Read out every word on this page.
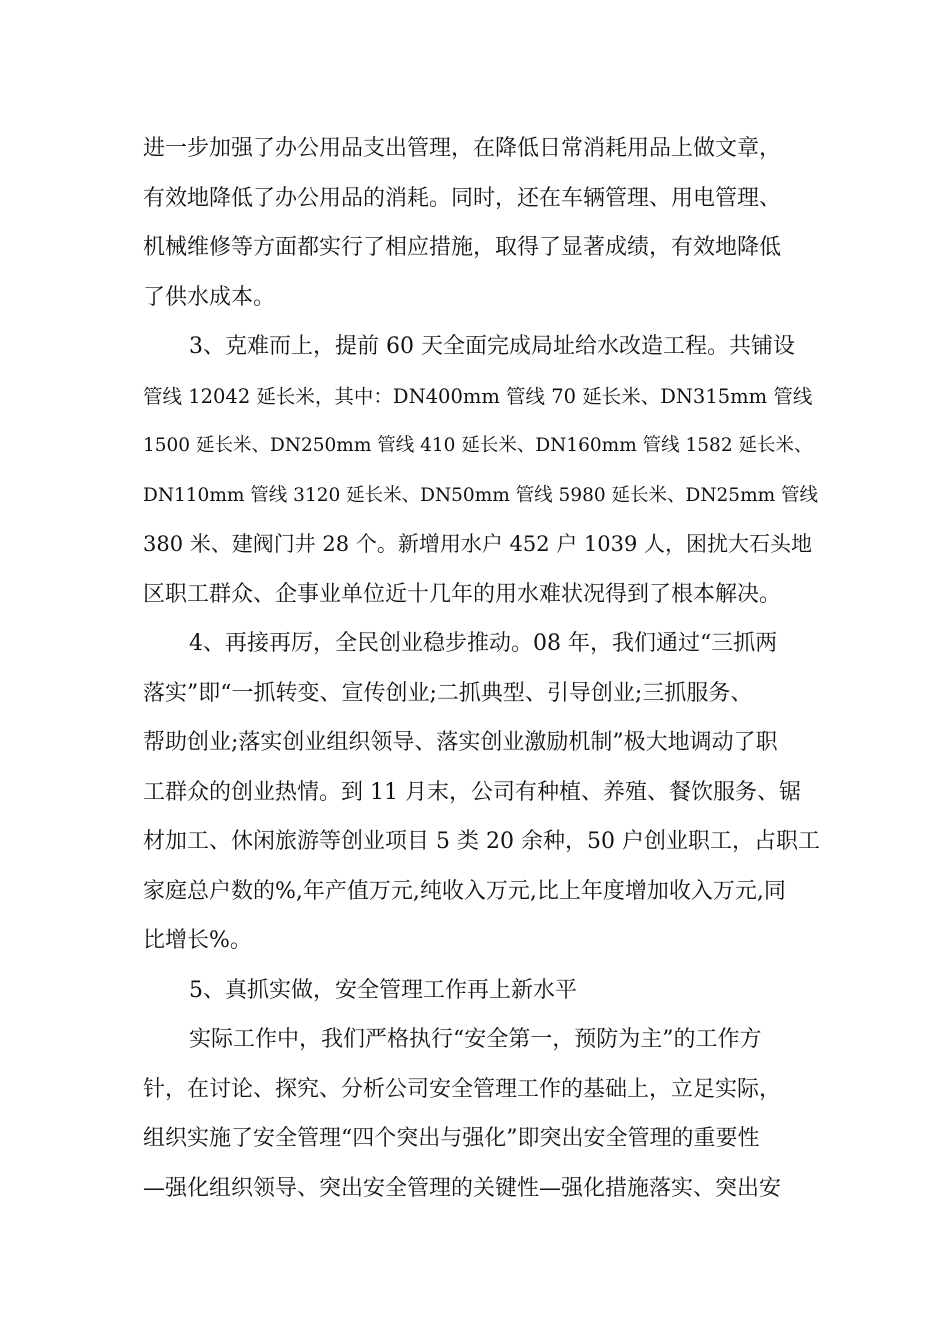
进一步加强了办公用品支出管理，在降低日常消耗用品上做文章，
有效地降低了办公用品的消耗。同时，还在车辆管理、用电管理、
机械维修等方面都实行了相应措施，取得了显著成绩，有效地降低
了供水成本。
3、克难而上，提前 60 天全面完成局址给水改造工程。共铺设
管线 12042 延长米，其中：DN400mm 管线 70 延长米、DN315mm 管线
1500 延长米、DN250mm 管线 410 延长米、DN160mm 管线 1582 延长米、
DN110mm 管线 3120 延长米、DN50mm 管线 5980 延长米、DN25mm 管线
380 米、建阀门井 28 个。新增用水户 452 户 1039 人，困扰大石头地
区职工群众、企事业单位近十几年的用水难状况得到了根本解决。
4、再接再厉，全民创业稳步推动。08 年，我们通过“三抓两
落实”即“一抓转变、宣传创业;二抓典型、引导创业;三抓服务、
帮助创业;落实创业组织领导、落实创业激励机制”极大地调动了职
工群众的创业热情。到 11 月末，公司有种植、养殖、餐饮服务、锯
材加工、休闲旅游等创业项目 5 类 20 余种，50 户创业职工，占职工
家庭总户数的%,年产值万元,纯收入万元,比上年度增加收入万元,同
比增长%。
5、真抓实做，安全管理工作再上新水平
实际工作中，我们严格执行“安全第一，预防为主”的工作方
针，在讨论、探究、分析公司安全管理工作的基础上，立足实际，
组织实施了安全管理“四个突出与强化”即突出安全管理的重要性
—强化组织领导、突出安全管理的关键性—强化措施落实、突出安
